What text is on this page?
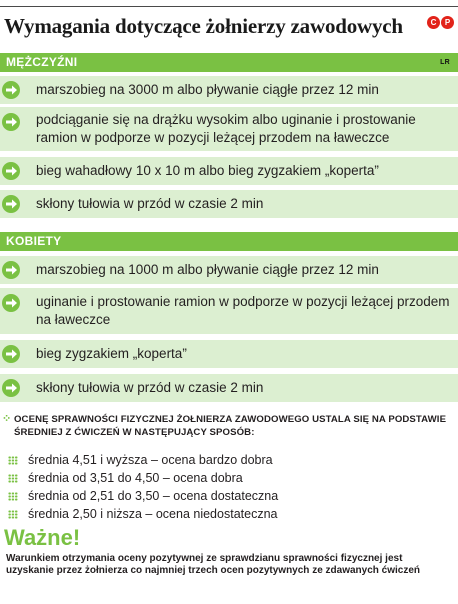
Wymagania dotyczące żołnierzy zawodowych	C	P
MĘŻCZYŹNI	LR
marszobieg na 3000 m albo pływanie ciągłe przez 12 min
podciąganie się na drążku wysokim albo uginanie i prostowanie ramion w podporze w pozycji leżącej przodem na ławeczce
bieg wahadłowy 10 x 10 m albo bieg zygzakiem „koperta”
skłony tułowia w przód w czasie 2 min
KOBIETY
marszobieg na 1000 m albo pływanie ciągłe przez 12 min
uginanie i prostowanie ramion w podporze w pozycji leżącej przodem na ławeczce
bieg zygzakiem „koperta”
skłony tułowia w przód w czasie 2 min
⁘ OCENĘ SPRAWNOŚCI FIZYCZNEJ ŻOŁNIERZA ZAWODOWEGO USTALA SIĘ NA PODSTAWIE ŚREDNIEJ Z ĆWICZEŃ W NASTĘPUJĄCY SPOSÓB:
średnia 4,51 i wyższa – ocena bardzo dobra
średnia od 3,51 do 4,50 – ocena dobra
średnia od 2,51 do 3,50 – ocena dostateczna
średnia 2,50 i niższa – ocena niedostateczna
Ważne!
Warunkiem otrzymania oceny pozytywnej ze sprawdzianu sprawności fizycznej jest uzyskanie przez żołnierza co najmniej trzech ocen pozytywnych ze zdawanych ćwiczeń
